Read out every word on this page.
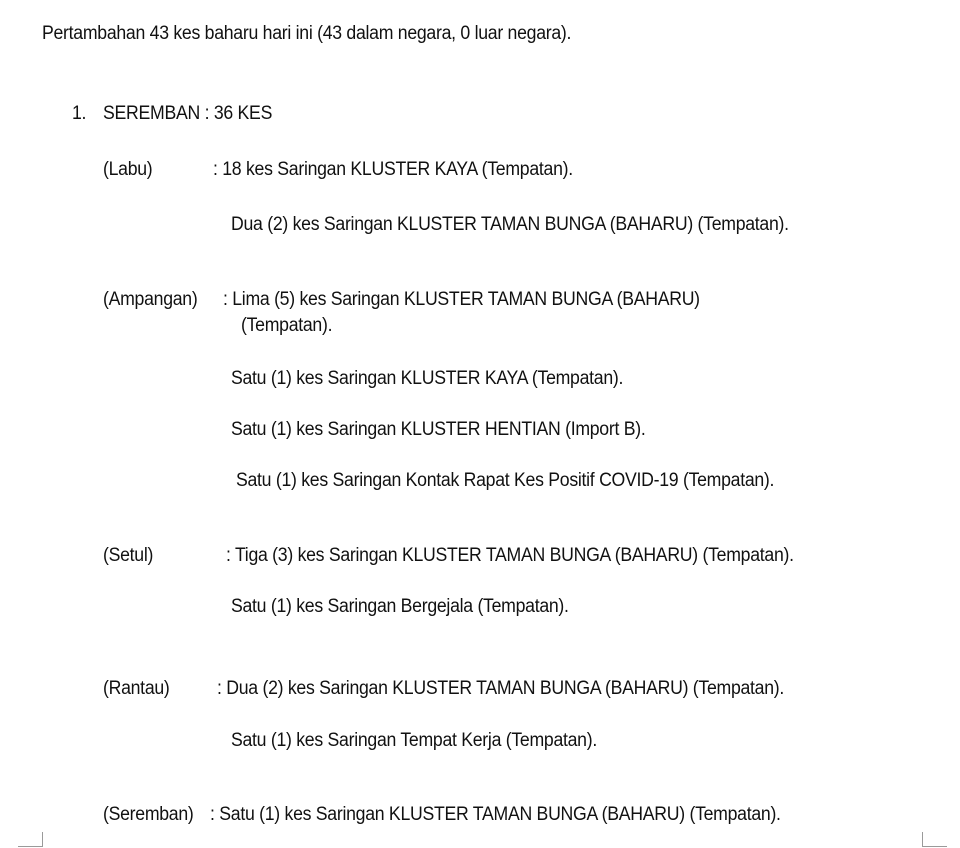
Pertambahan 43 kes baharu hari ini (43 dalam negara, 0 luar negara).
1. SEREMBAN : 36 KES
(Labu)	: 18 kes Saringan KLUSTER KAYA (Tempatan).
Dua (2) kes Saringan KLUSTER TAMAN BUNGA (BAHARU) (Tempatan).
(Ampangan) : Lima (5) kes Saringan KLUSTER TAMAN BUNGA (BAHARU)
(Tempatan).
Satu (1) kes Saringan KLUSTER KAYA (Tempatan).
Satu (1) kes Saringan KLUSTER HENTIAN (Import B).
Satu (1) kes Saringan Kontak Rapat Kes Positif COVID-19 (Tempatan).
(Setul)	: Tiga (3) kes Saringan KLUSTER TAMAN BUNGA (BAHARU) (Tempatan).
Satu (1) kes Saringan Bergejala (Tempatan).
(Rantau) : Dua (2) kes Saringan KLUSTER TAMAN BUNGA (BAHARU) (Tempatan).
Satu (1) kes Saringan Tempat Kerja (Tempatan).
(Seremban) : Satu (1) kes Saringan KLUSTER TAMAN BUNGA (BAHARU) (Tempatan).
